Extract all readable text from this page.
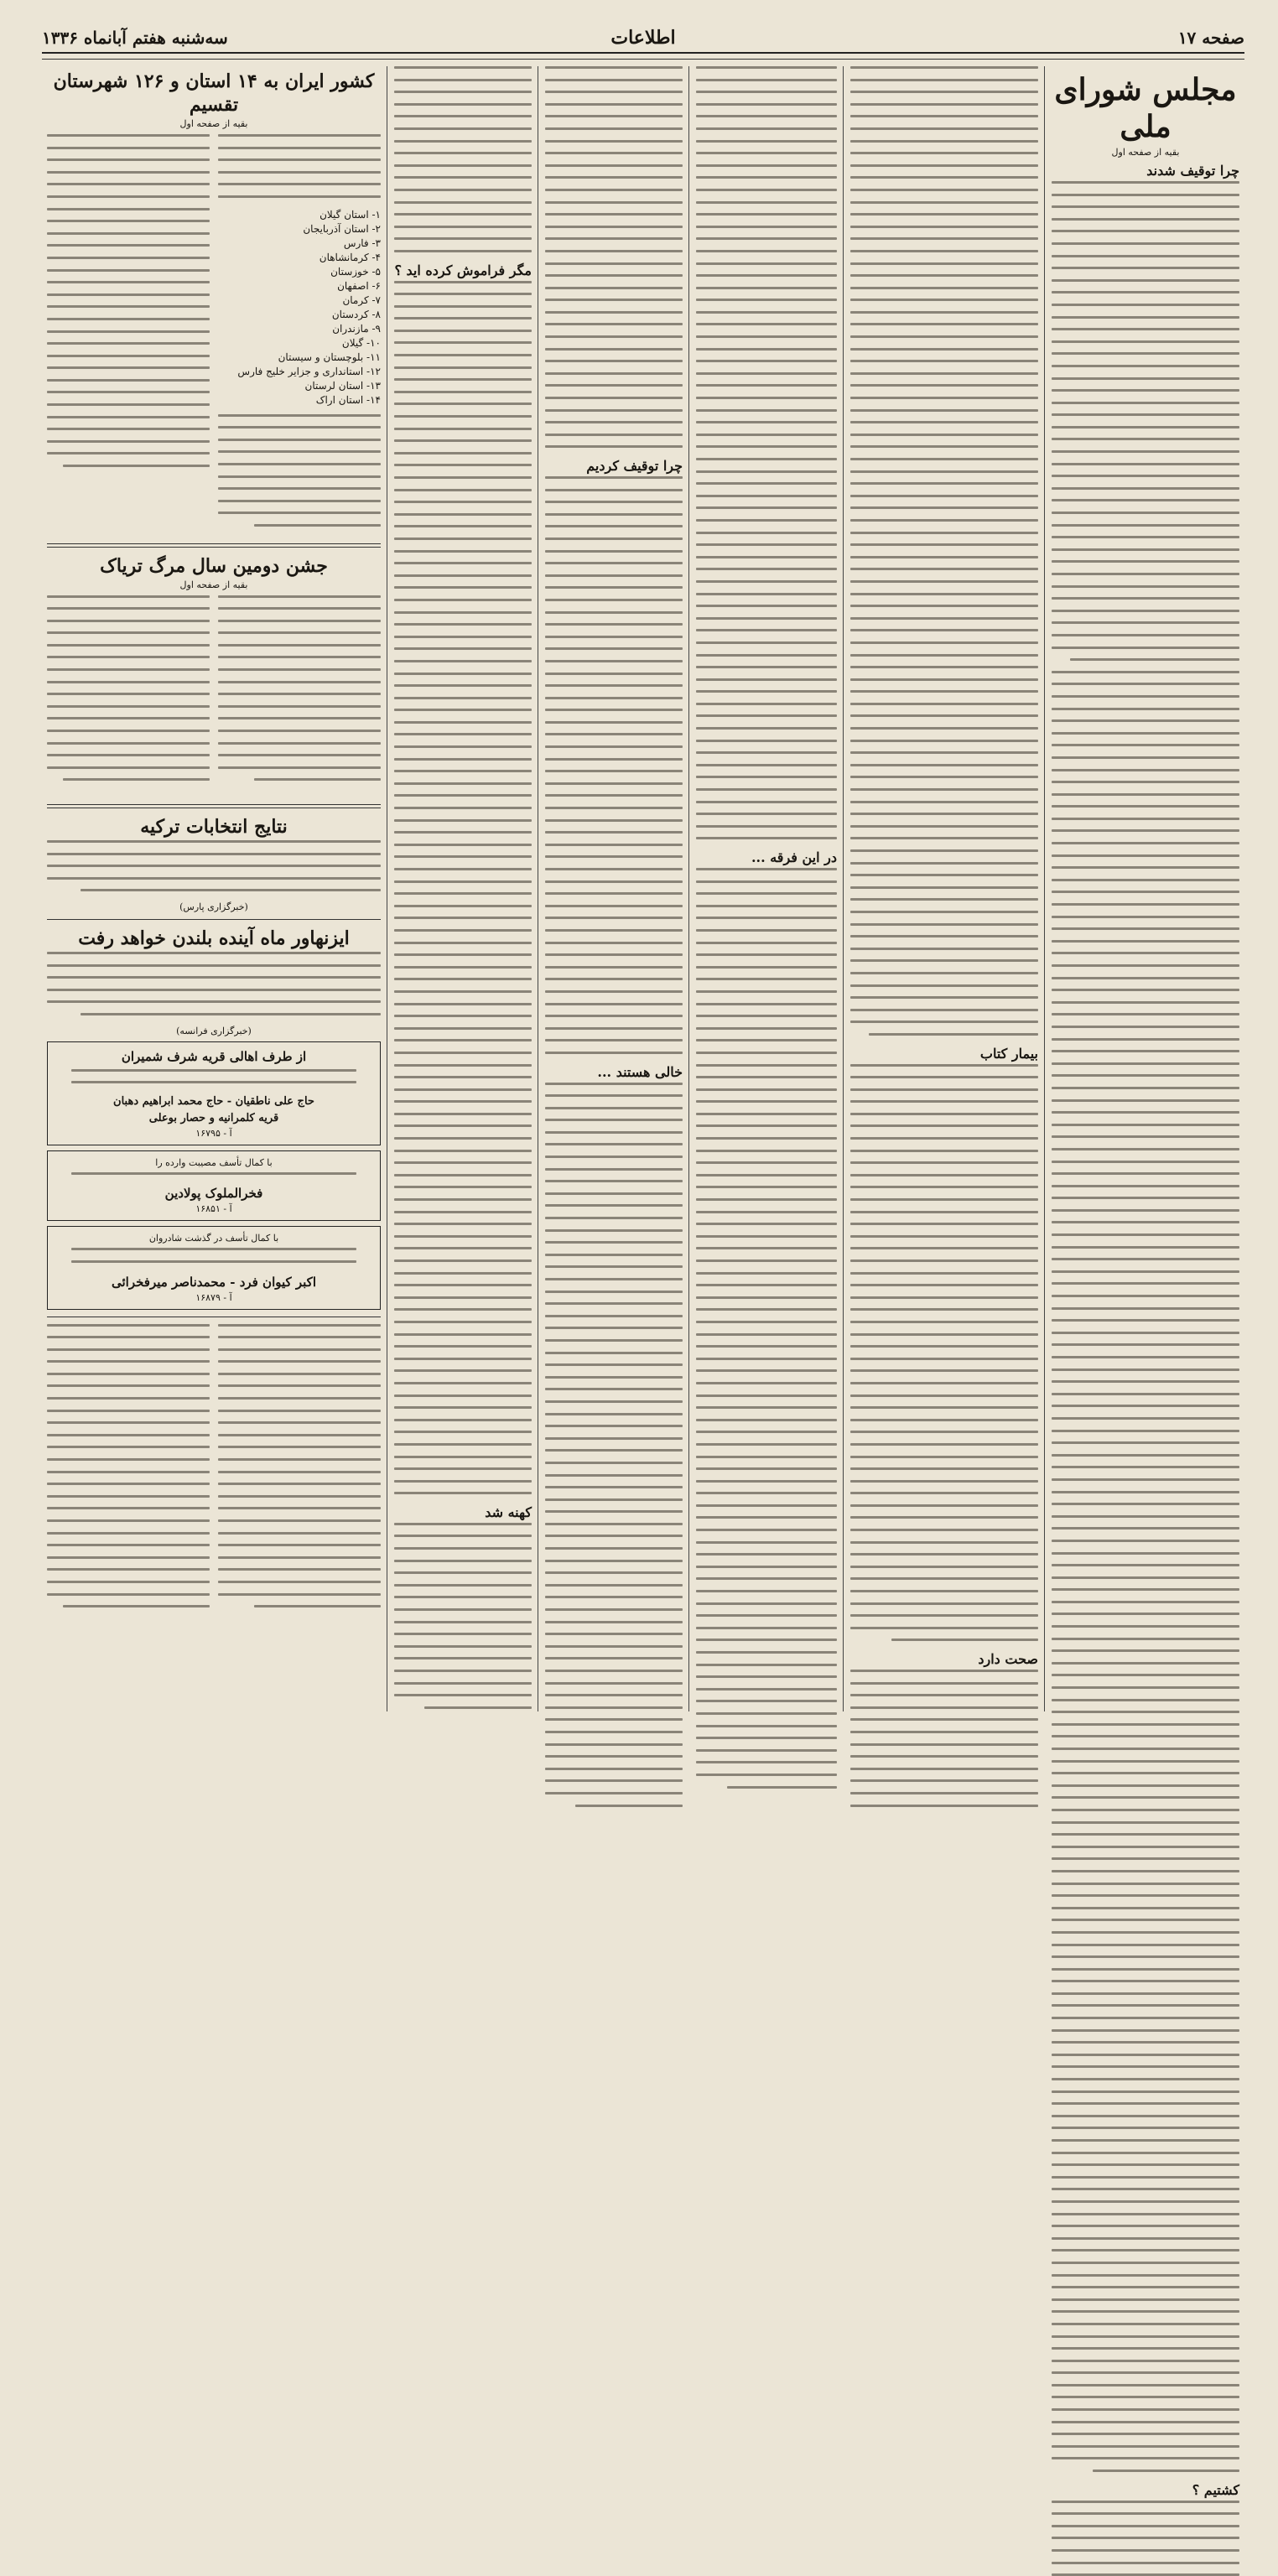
صفحه ۱۷
اطلاعات
سه‌شنبه هفتم آبانماه ۱۳۳۶
مجلس شورای ملی
بقیه از صفحه اول
چرا توقیف شدند
کشتیم ؟
بیمار کتاب
صحت دارد
در این فرقه ...
چرا توقیف کردیم
خالی هستند ...
مگر فراموش کرده اید ؟
کهنه شد
کشور ایران به ۱۴ استان و ۱۲۶ شهرستان تقسیم
بقیه از صفحه اول
۱- استان گیلان
۲- استان آذربایجان
۳- فارس
۴- کرمانشاهان
۵- خوزستان
۶- اصفهان
۷- کرمان
۸- کردستان
۹- مازندران
۱۰- گیلان
۱۱- بلوچستان و سیستان
۱۲- استانداری و جزایر خلیج فارس
۱۳- استان لرستان
۱۴- استان اراک
جشن دومین سال مرگ تریاک
بقیه از صفحه اول
نتایج انتخابات ترکیه
(خبرگزاری پارس)
ایزنهاور ماه آینده بلندن خواهد رفت
(خبرگزاری فرانسه)
از طرف اهالی قریه شرف شمیران
حاج علی ناطقیان - حاج محمد ابراهیم دهبان
قریه کلمرانیه و حصار بوعلی
آ - ۱۶۷۹۵
با کمال تأسف مصیبت وارده را
فخرالملوک پولادین
آ - ۱۶۸۵۱
با کمال تأسف در گذشت شادروان
اکبر کیوان فرد - محمدناصر میرفخرائی
آ - ۱۶۸۷۹
